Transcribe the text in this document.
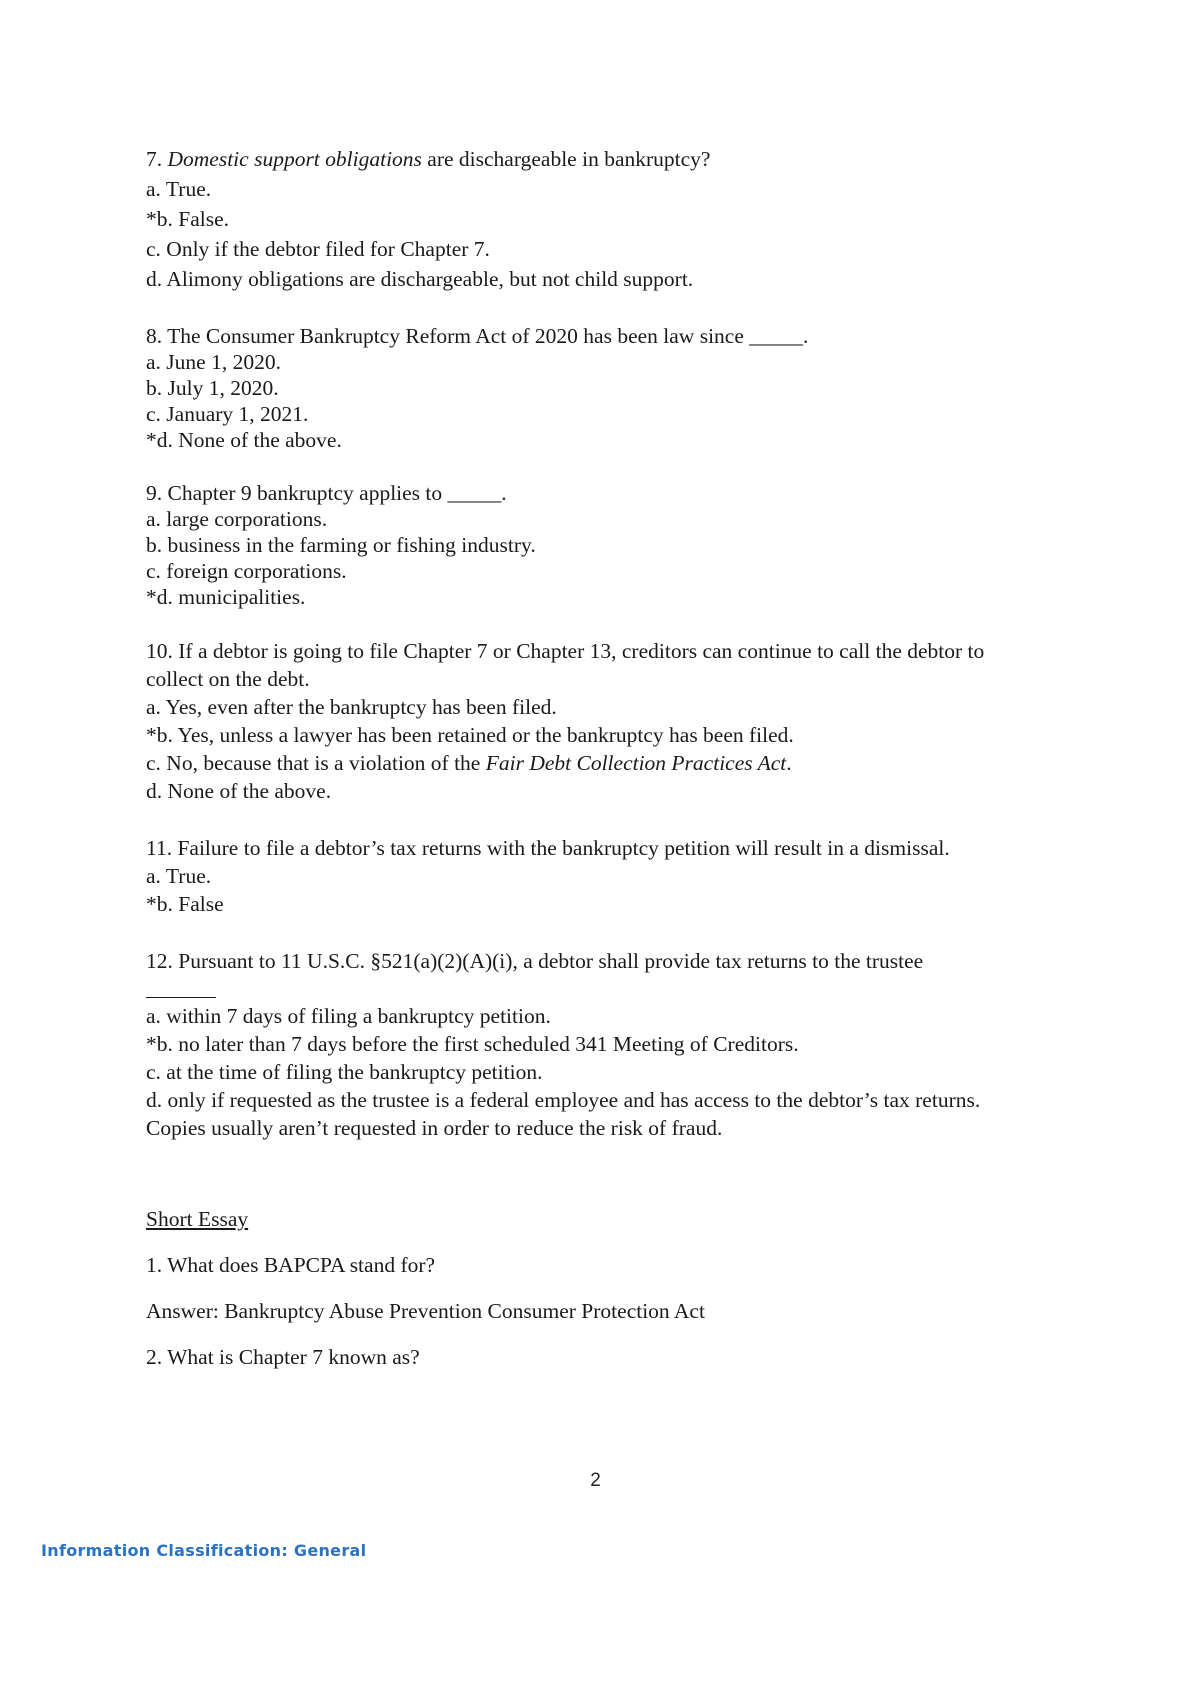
7. Domestic support obligations are dischargeable in bankruptcy?

a. True.

*b. False.

c. Only if the debtor filed for Chapter 7.

d. Alimony obligations are dischargeable, but not child support.

8. The Consumer Bankruptcy Reform Act of 2020 has been law since _____.

a. June 1, 2020.

b. July 1, 2020.

c. January 1, 2021.

*d. None of the above.

9. Chapter 9 bankruptcy applies to _____.

a. large corporations.

b. business in the farming or fishing industry.

c. foreign corporations.

*d. municipalities.

10. If a debtor is going to file Chapter 7 or Chapter 13, creditors can continue to call the debtor to
collect on the debt.

a. Yes, even after the bankruptcy has been filed.

*b. Yes, unless a lawyer has been retained or the bankruptcy has been filed.

c. No, because that is a violation of the Fair Debt Collection Practices Act.

d. None of the above.

11. Failure to file a debtor’s tax returns with the bankruptcy petition will result in a dismissal.

a. True.

*b. False

12. Pursuant to 11 U.S.C. §521(a)(2)(A)(i), a debtor shall provide tax returns to the trustee

a. within 7 days of filing a bankruptcy petition.

*b. no later than 7 days before the first scheduled 341 Meeting of Creditors.

c. at the time of filing the bankruptcy petition.

d. only if requested as the trustee is a federal employee and has access to the debtor’s tax returns.

Copies usually aren’t requested in order to reduce the risk of fraud.

Short Essay

1. What does BAPCPA stand for?

Answer: Bankruptcy Abuse Prevention Consumer Protection Act

2. What is Chapter 7 known as?

2
Information Classification: General
